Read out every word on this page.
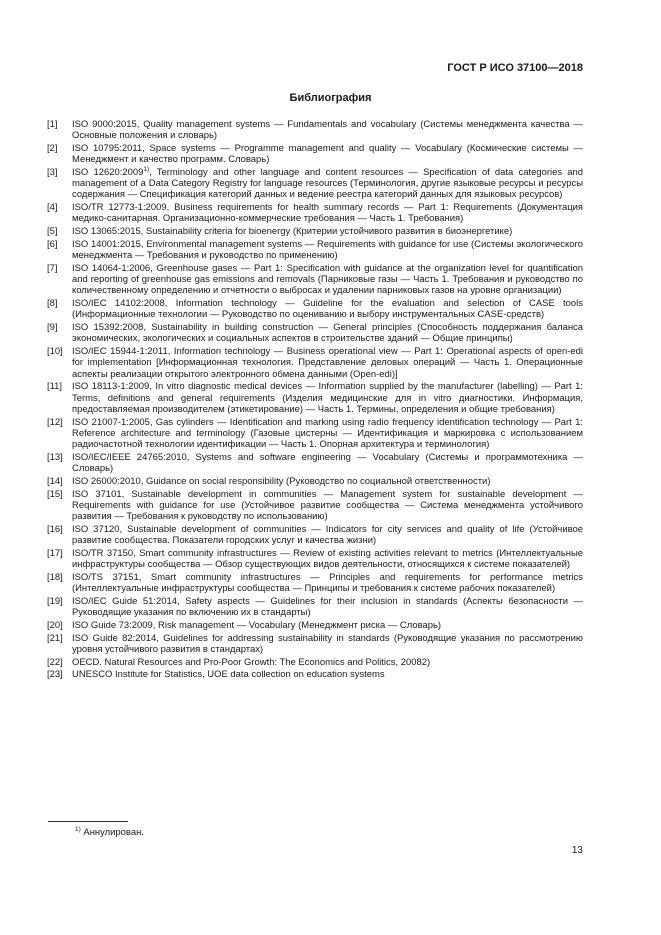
ГОСТ Р ИСО 37100—2018
Библиография
[1]	ISO 9000:2015, Quality management systems — Fundamentals and vocabulary (Системы менеджмента качества — Основные положения и словарь)
[2]	ISO 10795:2011, Space systems — Programme management and quality — Vocabulary (Космические системы — Менеджмент и качество программ. Словарь)
[3]	ISO 12620:2009$^{1)}$, Terminology and other language and content resources — Specification of data categories and management of a Data Category Registry for language resources (Терминология, другие языковые ресурсы и ресурсы содержания — Спецификация категорий данных и ведение реестра категорий данных для языковых ресурсов)
[4]	ISO/TR 12773-1:2009, Business requirements for health summary records — Part 1: Requirements (Документация медико-санитарная. Организационно-коммерческие требования — Часть 1. Требования)
[5]	ISO 13065:2015, Sustainability criteria for bioenergy (Критерии устойчивого развития в биоэнергетике)
[6]	ISO 14001:2015, Environmental management systems — Requirements with guidance for use (Системы экологического менеджмента — Требования и руководство по применению)
[7]	ISO 14064-1:2006, Greenhouse gases — Part 1: Specification with guidance at the organization level for quantification and reporting of greenhouse gas emissions and removals (Парниковые газы — Часть 1. Требования и руководство по количественному определению и отчетности о выбросах и удалении парниковых газов на уровне организации)
[8]	ISO/IEC 14102:2008, Information technology — Guideline for the evaluation and selection of CASE tools (Информационные технологии — Руководство по оцениванию и выбору инструментальных CASE-средств)
[9]	ISO 15392:2008, Sustainability in building construction — General principles (Способность поддержания баланса экономических, экологических и социальных аспектов в строительстве зданий — Общие принципы)
[10] ISO/IEC 15944-1:2011, Information technology — Business operational view — Part 1: Operational aspects of open-edi for implementation [Информационная технология. Представление деловых операций — Часть 1. Операционные аспекты реализации открытого электронного обмена данными (Open-edi)]
[11]	ISO 18113-1:2009, In vitro diagnostic medical devices — Information supplied by the manufacturer (labelling) — Part 1: Terms, definitions and general requirements (Изделия медицинские для in vitro диагностики. Информация, предоставляемая производителем (этикетирование) — Часть 1. Термины, определения и общие требования)
[12] ISO 21007-1:2005, Gas cylinders — Identification and marking using radio frequency identification technology — Part 1: Reference architecture and terminology (Газовые цистерны — Идентификация и маркировка с использованием радиочастотной технологии идентификации — Часть 1. Опорная архитектура и терминология)
[13] ISO/IEC/IEEE 24765:2010, Systems and software engineering — Vocabulary (Системы и программотехника — Словарь)
[14] ISO 26000:2010, Guidance on social responsibility (Руководство по социальной ответственности)
[15] ISO 37101, Sustainable development in communities — Management system for sustainable development — Requirements with guidance for use (Устойчивое развитие сообщества — Система менеджмента устойчивого развития — Требования к руководству по использованию)
[16] ISO 37120, Sustainable development of communities — Indicators for city services and quality of life (Устойчивое развитие сообщества. Показатели городских услуг и качества жизни)
[17] ISO/TR 37150, Smart community infrastructures — Review of existing activities relevant to metrics (Интеллектуальные инфраструктуры сообщества — Обзор существующих видов деятельности, относящихся к системе показателей)
[18] ISO/TS 37151, Smart community infrastructures — Principles and requirements for performance metrics (Интеллектуальные инфраструктуры сообщества — Принципы и требования к системе рабочих показателей)
[19] ISO/IEC Guide 51:2014, Safety aspects — Guidelines for their inclusion in standards (Аспекты безопасности — Руководящие указания по включению их в стандарты)
[20] ISO Guide 73:2009, Risk management — Vocabulary (Менеджмент риска — Словарь)
[21] ISO Guide 82:2014, Guidelines for addressing sustainability in standards (Руководящие указания по рассмотрению уровня устойчивого развития в стандартах)
[22] OECD. Natural Resources and Pro-Poor Growth: The Economics and Politics, 20082)
[23] UNESCO Institute for Statistics, UOE data collection on education systems
$^{1)}$ Аннулирован.
13
